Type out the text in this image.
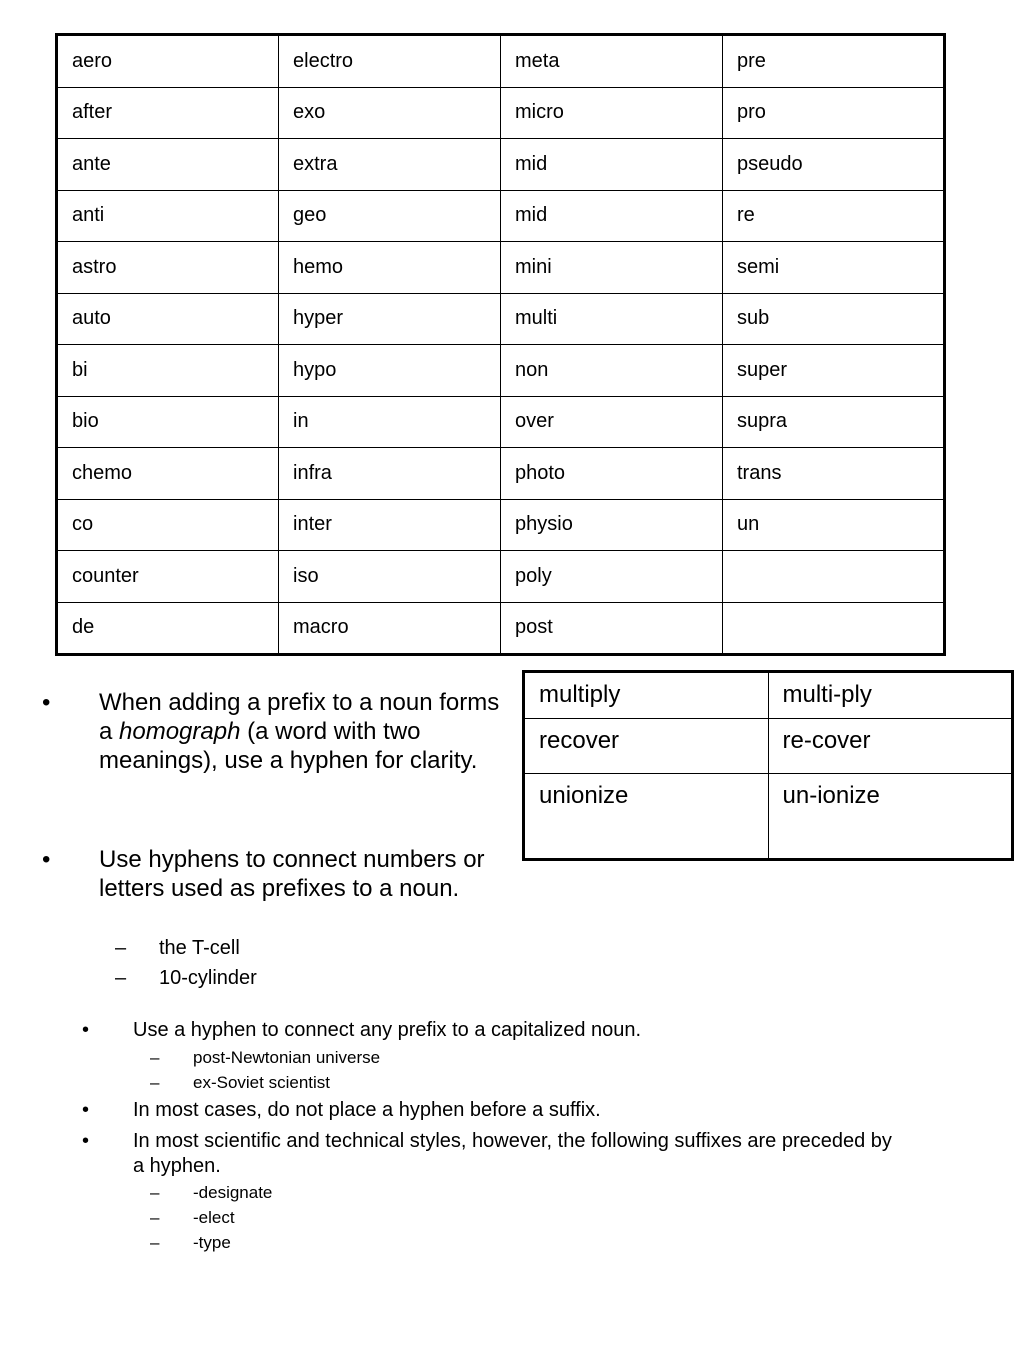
aero	electro	meta	pre
after	exo	micro	pro
ante	extra	mid	pseudo
anti	geo	mid	re
astro	hemo	mini	semi
auto	hyper	multi	sub
bi	hypo	non	super
bio	in	over	supra
chemo	infra	photo	trans
co	inter	physio	un
counter	iso	poly	
de	macro	post	
multiply	multi-ply
recover	re-cover
unionize	un-ionize
• When adding a prefix to a noun forms a homograph (a word with two meanings), use a hyphen for clarity.
• Use hyphens to connect numbers or letters used as prefixes to a noun.
– the T-cell
– 10-cylinder
• Use a hyphen to connect any prefix to a capitalized noun.
– post-Newtonian universe
– ex-Soviet scientist
• In most cases, do not place a hyphen before a suffix.
• In most scientific and technical styles, however, the following suffixes are preceded by a hyphen.
– -designate
– -elect
– -type
